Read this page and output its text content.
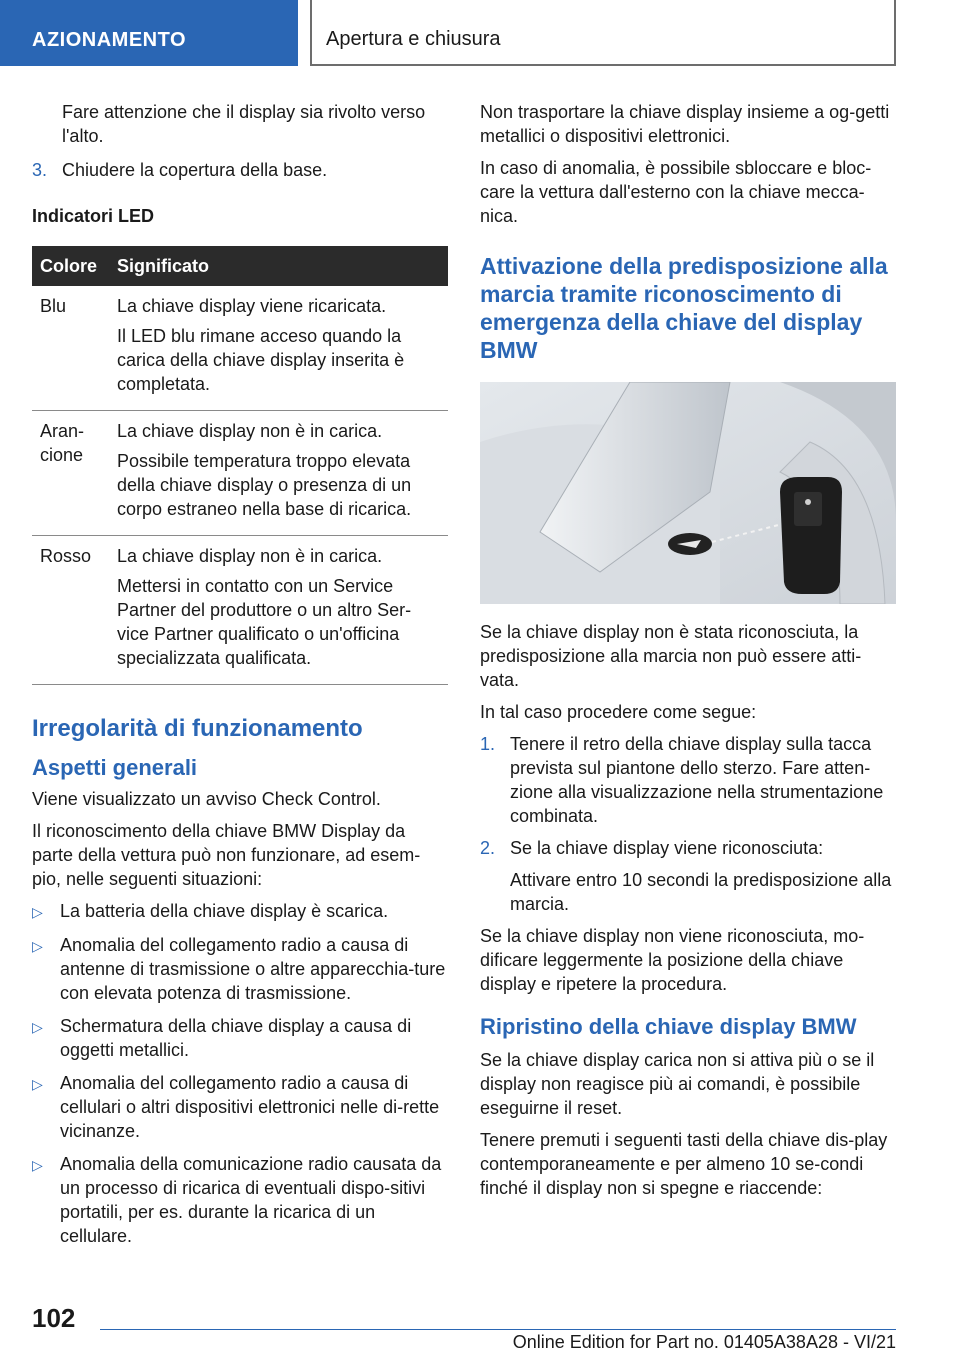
AZIONAMENTO	Apertura e chiusura

Fare attenzione che il display sia rivolto verso l'alto.

3. Chiudere la copertura della base.
Indicatori LED
Colore	Significato
Blu	La chiave display viene ricaricata.

Il LED blu rimane acceso quando la carica della chiave display inserita è completata.

Aran-cione	La chiave display non è in carica.

Possibile temperatura troppo elevata della chiave display o presenza di un corpo estraneo nella base di ricarica.

Rosso	La chiave display non è in carica.

Mettersi in contatto con un Service Partner del produttore o un altro Ser-vice Partner qualificato o un'officina specializzata qualificata.

Irregolarità di funzionamento
Aspetti generali

Viene visualizzato un avviso Check Control.

Il riconoscimento della chiave BMW Display da parte della vettura può non funzionare, ad esem-pio, nelle seguenti situazioni:

▷ La batteria della chiave display è scarica.
▷ Anomalia del collegamento radio a causa di antenne di trasmissione o altre apparecchia-ture con elevata potenza di trasmissione.
▷ Schermatura della chiave display a causa di oggetti metallici.
▷ Anomalia del collegamento radio a causa di cellulari o altri dispositivi elettronici nelle di-rette vicinanze.
▷ Anomalia della comunicazione radio causata da un processo di ricarica di eventuali dispo-sitivi portatili, per es. durante la ricarica di un cellulare.

Non trasportare la chiave display insieme a og-getti metallici o dispositivi elettronici.

In caso di anomalia, è possibile sbloccare e bloc-care la vettura dall'esterno con la chiave mecca-nica.

Attivazione della predisposizione alla marcia tramite riconoscimento di emergenza della chiave del display BMW

Se la chiave display non è stata riconosciuta, la predisposizione alla marcia non può essere atti-vata.

In tal caso procedere come segue:

1. Tenere il retro della chiave display sulla tacca prevista sul piantone dello sterzo. Fare atten-zione alla visualizzazione nella strumentazione combinata.
2. Se la chiave display viene riconosciuta:

Attivare entro 10 secondi la predisposizione alla marcia.

Se la chiave display non viene riconosciuta, mo-dificare leggermente la posizione della chiave display e ripetere la procedura.

Ripristino della chiave display BMW

Se la chiave display carica non si attiva più o se il display non reagisce più ai comandi, è possibile eseguirne il reset.

Tenere premuti i seguenti tasti della chiave dis-play contemporaneamente e per almeno 10 se-condi finché il display non si spegne e riaccende:

102
Online Edition for Part no. 01405A38A28 - VI/21
